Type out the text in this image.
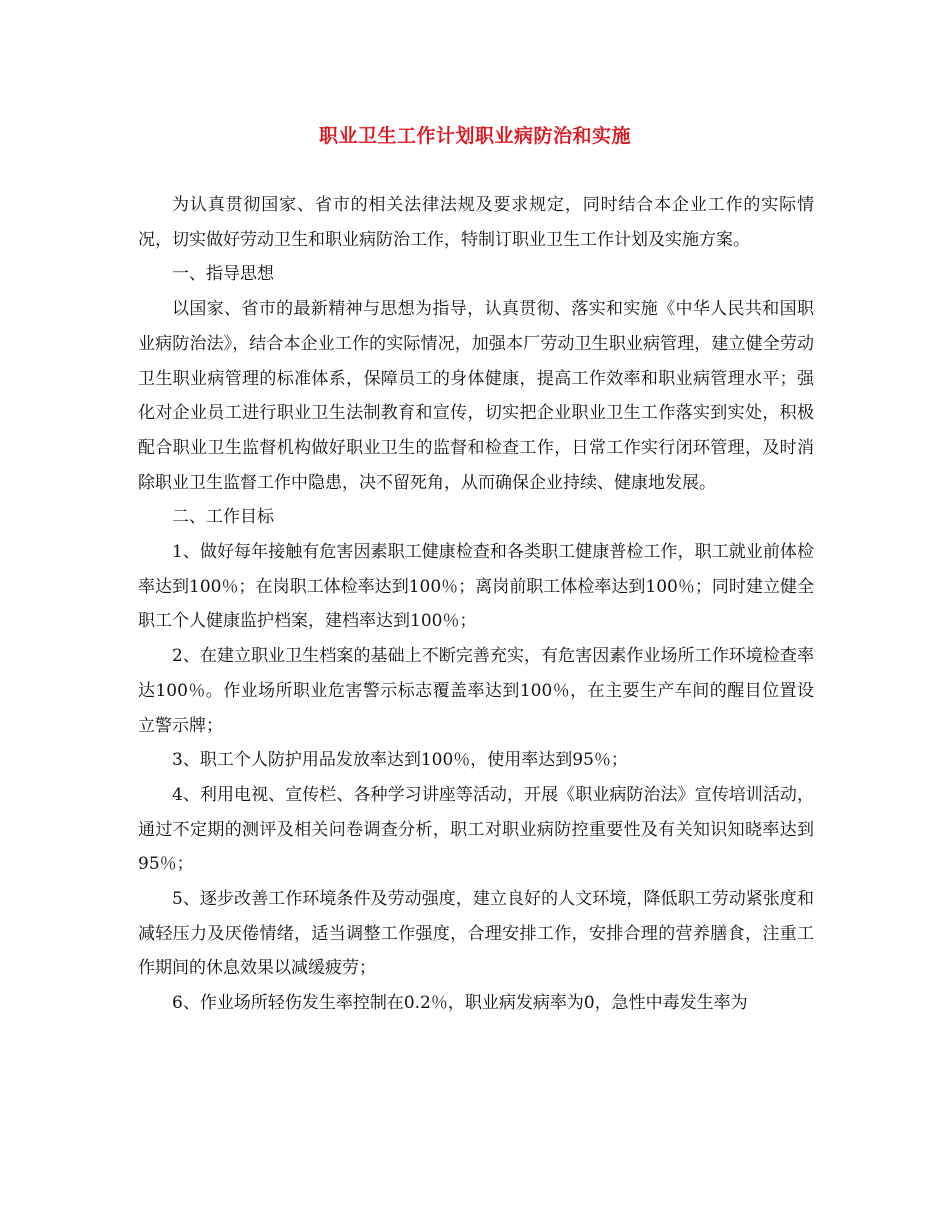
职业卫生工作计划职业病防治和实施

为认真贯彻国家、省市的相关法律法规及要求规定，同时结合本企业工作的实际情况，切实做好劳动卫生和职业病防治工作，特制订职业卫生工作计划及实施方案。

一、指导思想

以国家、省市的最新精神与思想为指导，认真贯彻、落实和实施《中华人民共和国职业病防治法》，结合本企业工作的实际情况，加强本厂劳动卫生职业病管理，建立健全劳动卫生职业病管理的标准体系，保障员工的身体健康，提高工作效率和职业病管理水平；强化对企业员工进行职业卫生法制教育和宣传，切实把企业职业卫生工作落实到实处，积极配合职业卫生监督机构做好职业卫生的监督和检查工作，日常工作实行闭环管理，及时消除职业卫生监督工作中隐患，决不留死角，从而确保企业持续、健康地发展。

二、工作目标

1、做好每年接触有危害因素职工健康检查和各类职工健康普检工作，职工就业前体检率达到100％；在岗职工体检率达到100％；离岗前职工体检率达到100％；同时建立健全职工个人健康监护档案，建档率达到100％；

2、在建立职业卫生档案的基础上不断完善充实，有危害因素作业场所工作环境检查率达100％。作业场所职业危害警示标志覆盖率达到100％，在主要生产车间的醒目位置设立警示牌；

3、职工个人防护用品发放率达到100％，使用率达到95％；

4、利用电视、宣传栏、各种学习讲座等活动，开展《职业病防治法》宣传培训活动，通过不定期的测评及相关问卷调查分析，职工对职业病防控重要性及有关知识知晓率达到95％；

5、逐步改善工作环境条件及劳动强度，建立良好的人文环境，降低职工劳动紧张度和减轻压力及厌倦情绪，适当调整工作强度，合理安排工作，安排合理的营养膳食，注重工作期间的休息效果以减缓疲劳；

6、作业场所轻伤发生率控制在0.2％，职业病发病率为0，急性中毒发生率为
